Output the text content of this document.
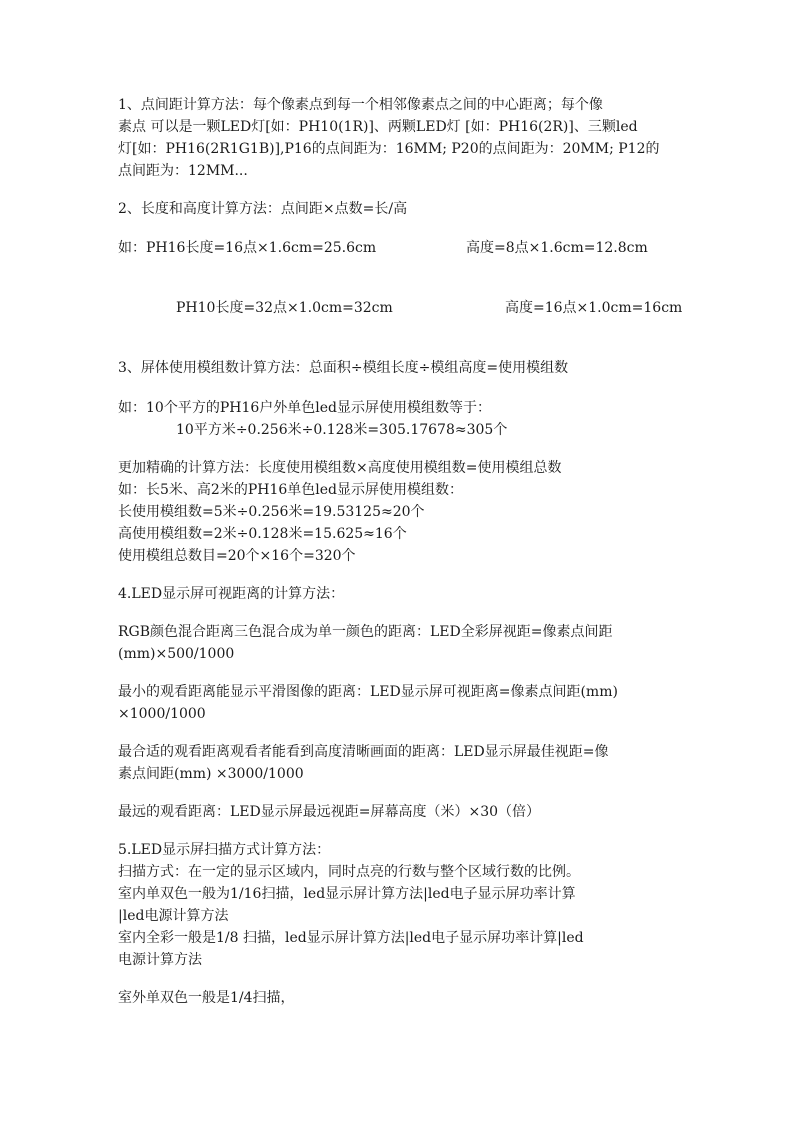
1、点间距计算方法：每个像素点到每一个相邻像素点之间的中心距离；每个像
素点 可以是一颗LED灯[如：PH10(1R)]、两颗LED灯 [如：PH16(2R)]、三颗led
灯[如：PH16(2R1G1B)],P16的点间距为：16MM; P20的点间距为：20MM; P12的
点间距为：12MM...
2、长度和高度计算方法：点间距×点数=长/高
如：PH16长度=16点×1.6cm=25.6cm	高度=8点×1.6cm=12.8cm
PH10长度=32点×1.0cm=32cm	高度=16点×1.0cm=16cm
3、屏体使用模组数计算方法：总面积÷模组长度÷模组高度=使用模组数
如：10个平方的PH16户外单色led显示屏使用模组数等于：
10平方米÷0.256米÷0.128米=305.17678≈305个
更加精确的计算方法：长度使用模组数×高度使用模组数=使用模组总数
如：长5米、高2米的PH16单色led显示屏使用模组数：
长使用模组数=5米÷0.256米=19.53125≈20个
高使用模组数=2米÷0.128米=15.625≈16个
使用模组总数目=20个×16个=320个
4.LED显示屏可视距离的计算方法：
RGB颜色混合距离三色混合成为单一颜色的距离：LED全彩屏视距=像素点间距
(mm)×500/1000
最小的观看距离能显示平滑图像的距离：LED显示屏可视距离=像素点间距(mm)
×1000/1000
最合适的观看距离观看者能看到高度清晰画面的距离：LED显示屏最佳视距=像
素点间距(mm) ×3000/1000
最远的观看距离：LED显示屏最远视距=屏幕高度（米）×30（倍）
5.LED显示屏扫描方式计算方法：
扫描方式：在一定的显示区域内，同时点亮的行数与整个区域行数的比例。
室内单双色一般为1/16扫描，led显示屏计算方法|led电子显示屏功率计算
|led电源计算方法
室内全彩一般是1/8 扫描，led显示屏计算方法|led电子显示屏功率计算|led
电源计算方法
室外单双色一般是1/4扫描，
